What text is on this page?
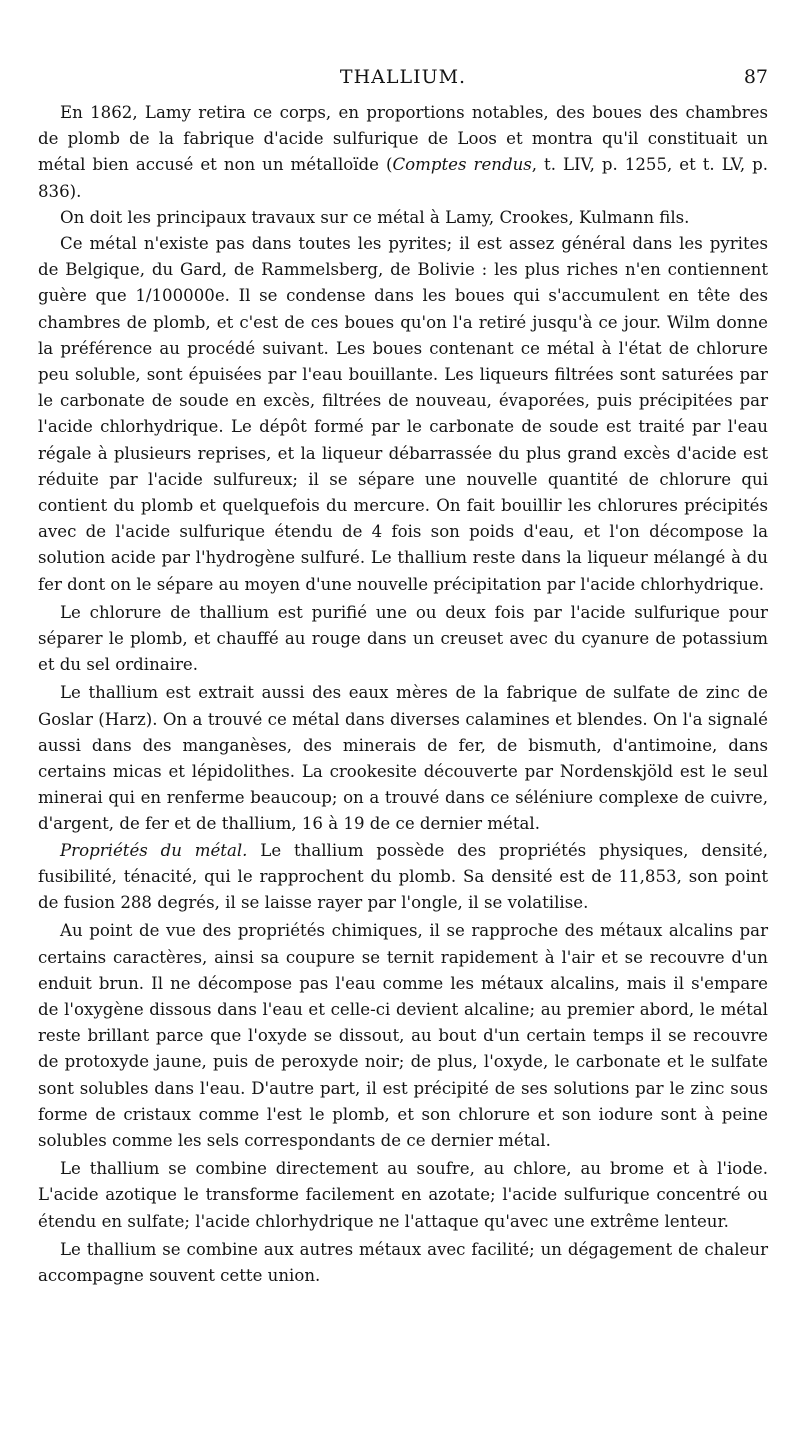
THALLIUM.	87

En 1862, Lamy retira ce corps, en proportions notables, des boues des chambres de plomb de la fabrique d'acide sulfurique de Loos et montra qu'il constituait un métal bien accusé et non un métalloïde (Comptes rendus, t. LIV, p. 1255, et t. LV, p. 836).

On doit les principaux travaux sur ce métal à Lamy, Crookes, Kulmann fils.

Ce métal n'existe pas dans toutes les pyrites; il est assez général dans les pyrites de Belgique, du Gard, de Rammelsberg, de Bolivie : les plus riches n'en contiennent guère que 1/100000e. Il se condense dans les boues qui s'accumulent en tête des chambres de plomb, et c'est de ces boues qu'on l'a retiré jusqu'à ce jour. Wilm donne la préférence au procédé suivant. Les boues contenant ce métal à l'état de chlorure peu soluble, sont épuisées par l'eau bouillante. Les liqueurs filtrées sont saturées par le carbonate de soude en excès, filtrées de nouveau, évaporées, puis précipitées par l'acide chlorhydrique. Le dépôt formé par le carbonate de soude est traité par l'eau régale à plusieurs reprises, et la liqueur débarrassée du plus grand excès d'acide est réduite par l'acide sulfureux; il se sépare une nouvelle quantité de chlorure qui contient du plomb et quelquefois du mercure. On fait bouillir les chlorures précipités avec de l'acide sulfurique étendu de 4 fois son poids d'eau, et l'on décompose la solution acide par l'hydrogène sulfuré. Le thallium reste dans la liqueur mélangé à du fer dont on le sépare au moyen d'une nouvelle précipitation par l'acide chlorhydrique.

Le chlorure de thallium est purifié une ou deux fois par l'acide sulfurique pour séparer le plomb, et chauffé au rouge dans un creuset avec du cyanure de potassium et du sel ordinaire.

Le thallium est extrait aussi des eaux mères de la fabrique de sulfate de zinc de Goslar (Harz). On a trouvé ce métal dans diverses calamines et blendes. On l'a signalé aussi dans des manganèses, des minerais de fer, de bismuth, d'antimoine, dans certains micas et lépidolithes. La crookesite découverte par Nordenskjöld est le seul minerai qui en renferme beaucoup; on a trouvé dans ce séléniure complexe de cuivre, d'argent, de fer et de thallium, 16 à 19 de ce dernier métal.

Propriétés du métal. Le thallium possède des propriétés physiques, densité, fusibilité, ténacité, qui le rapprochent du plomb. Sa densité est de 11,853, son point de fusion 288 degrés, il se laisse rayer par l'ongle, il se volatilise.

Au point de vue des propriétés chimiques, il se rapproche des métaux alcalins par certains caractères, ainsi sa coupure se ternit rapidement à l'air et se recouvre d'un enduit brun. Il ne décompose pas l'eau comme les métaux alcalins, mais il s'empare de l'oxygène dissous dans l'eau et celle-ci devient alcaline; au premier abord, le métal reste brillant parce que l'oxyde se dissout, au bout d'un certain temps il se recouvre de protoxyde jaune, puis de peroxyde noir; de plus, l'oxyde, le carbonate et le sulfate sont solubles dans l'eau. D'autre part, il est précipité de ses solutions par le zinc sous forme de cristaux comme l'est le plomb, et son chlorure et son iodure sont à peine solubles comme les sels correspondants de ce dernier métal.

Le thallium se combine directement au soufre, au chlore, au brome et à l'iode. L'acide azotique le transforme facilement en azotate; l'acide sulfurique concentré ou étendu en sulfate; l'acide chlorhydrique ne l'attaque qu'avec une extrême lenteur.

Le thallium se combine aux autres métaux avec facilité; un dégagement de chaleur accompagne souvent cette union.
